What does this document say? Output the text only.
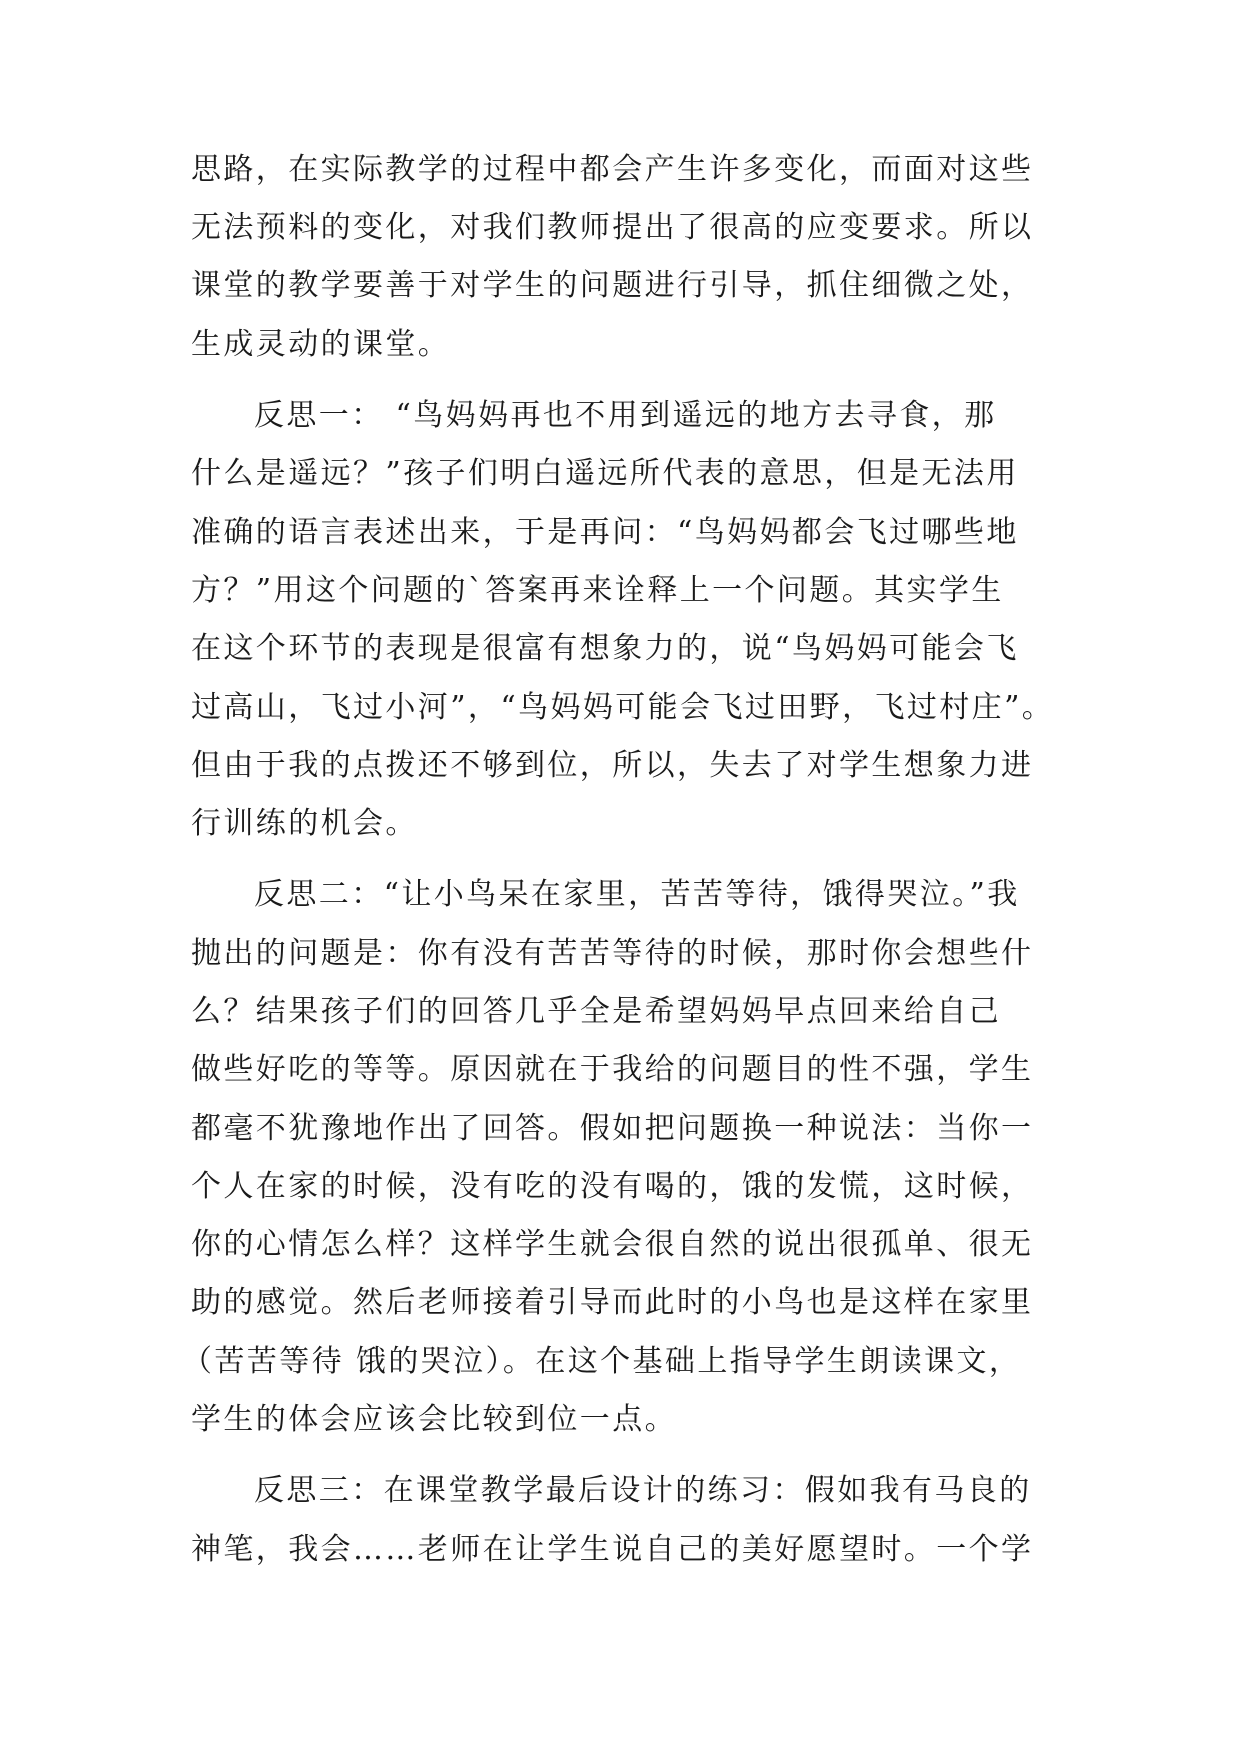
思路，在实际教学的过程中都会产生许多变化，而面对这些
无法预料的变化，对我们教师提出了很高的应变要求。所以
课堂的教学要善于对学生的问题进行引导，抓住细微之处，
生成灵动的课堂。
反思一： “鸟妈妈再也不用到遥远的地方去寻食，那
什么是遥远？”孩子们明白遥远所代表的意思，但是无法用
准确的语言表述出来，于是再问：“鸟妈妈都会飞过哪些地
方？”用这个问题的`答案再来诠释上一个问题。其实学生
在这个环节的表现是很富有想象力的，说“鸟妈妈可能会飞
过高山，飞过小河”，“鸟妈妈可能会飞过田野，飞过村庄”。
但由于我的点拨还不够到位，所以，失去了对学生想象力进
行训练的机会。
反思二：“让小鸟呆在家里，苦苦等待，饿得哭泣。”我
抛出的问题是：你有没有苦苦等待的时候，那时你会想些什
么？结果孩子们的回答几乎全是希望妈妈早点回来给自己
做些好吃的等等。原因就在于我给的问题目的性不强，学生
都毫不犹豫地作出了回答。假如把问题换一种说法：当你一
个人在家的时候，没有吃的没有喝的，饿的发慌，这时候，
你的心情怎么样？这样学生就会很自然的说出很孤单、很无
助的感觉。然后老师接着引导而此时的小鸟也是这样在家里
（苦苦等待 饿的哭泣）。在这个基础上指导学生朗读课文，
学生的体会应该会比较到位一点。
反思三：在课堂教学最后设计的练习：假如我有马良的
神笔，我会……老师在让学生说自己的美好愿望时。一个学
